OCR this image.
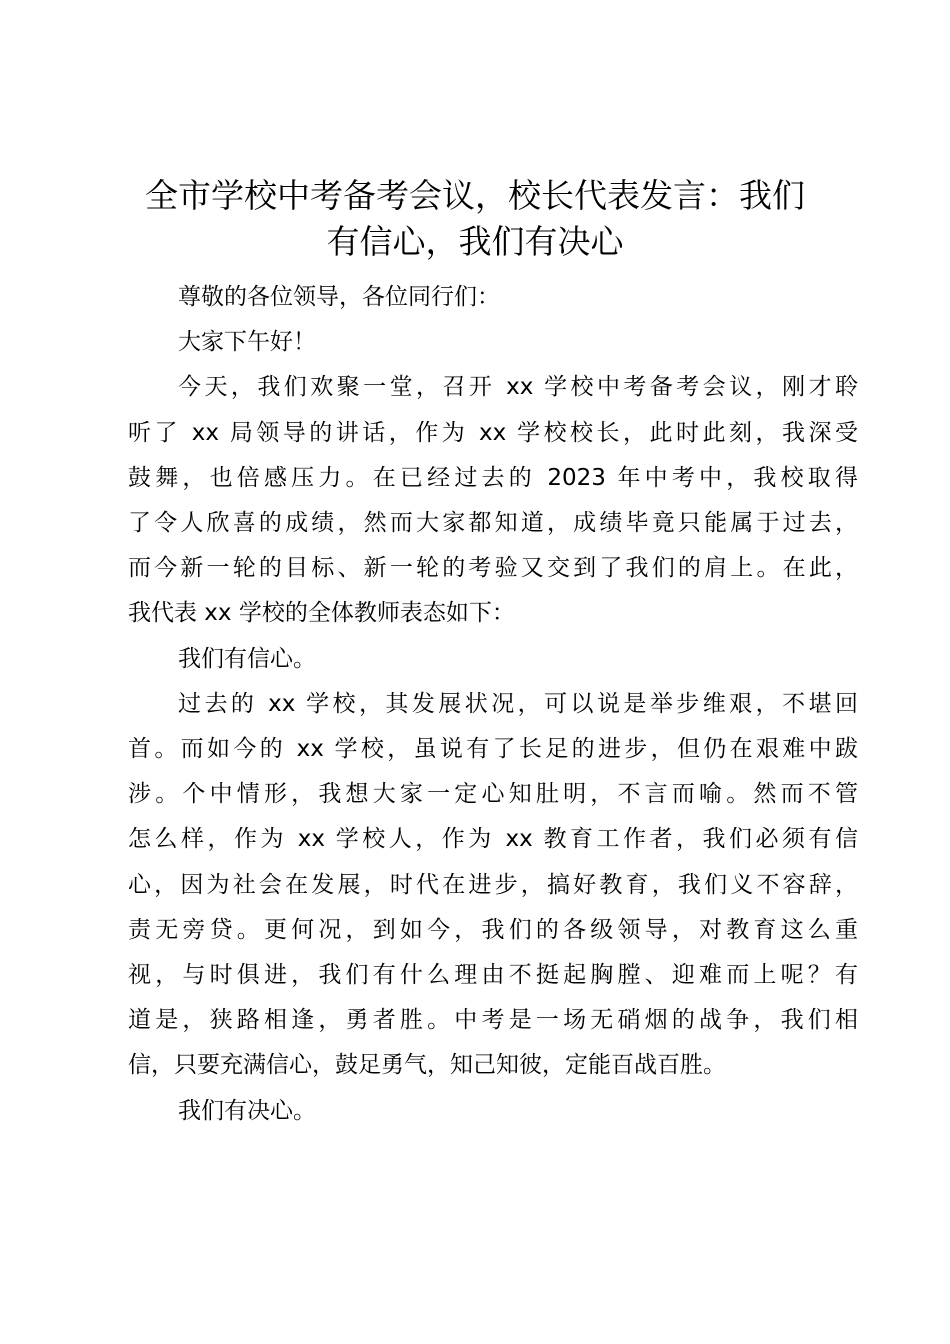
全市学校中考备考会议，校长代表发言：我们
有信心，我们有决心
尊敬的各位领导，各位同行们：
大家下午好！
今天，我们欢聚一堂，召开 xx 学校中考备考会议，刚才聆
听了 xx 局领导的讲话，作为 xx 学校校长，此时此刻，我深受
鼓舞，也倍感压力。在已经过去的 2023 年中考中，我校取得
了令人欣喜的成绩，然而大家都知道，成绩毕竟只能属于过去，
而今新一轮的目标、新一轮的考验又交到了我们的肩上。在此，
我代表 xx 学校的全体教师表态如下：
我们有信心。
过去的 xx 学校，其发展状况，可以说是举步维艰，不堪回
首。而如今的 xx 学校，虽说有了长足的进步，但仍在艰难中跋
涉。个中情形，我想大家一定心知肚明，不言而喻。然而不管
怎么样，作为 xx 学校人，作为 xx 教育工作者，我们必须有信
心，因为社会在发展，时代在进步，搞好教育，我们义不容辞，
责无旁贷。更何况，到如今，我们的各级领导，对教育这么重
视，与时俱进，我们有什么理由不挺起胸膛、迎难而上呢？有
道是，狭路相逢，勇者胜。中考是一场无硝烟的战争，我们相
信，只要充满信心，鼓足勇气，知己知彼，定能百战百胜。
我们有决心。
